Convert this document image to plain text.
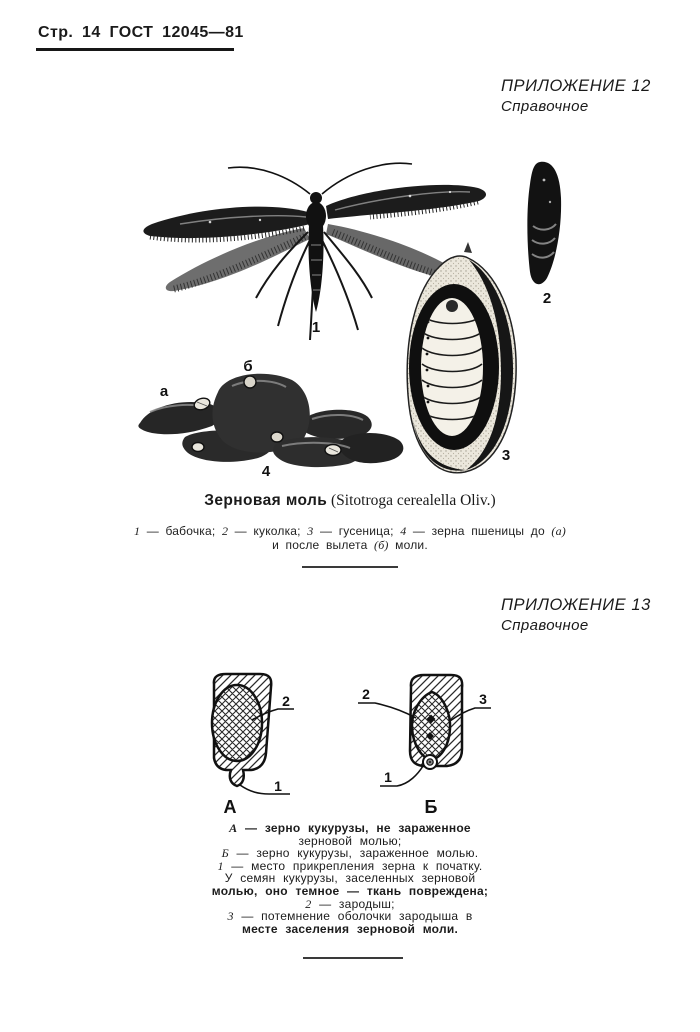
Стр. 14 ГОСТ 12045—81
ПРИЛОЖЕНИЕ 12
Справочное
1
2
3
а
б
4
Зерновая моль (Sitotroga cerealella Oliv.)
1 — бабочка; 2 — куколка; 3 — гусеница; 4 — зерна пшеницы до (а)
и после вылета (б) моли.
ПРИЛОЖЕНИЕ 13
Справочное
2
1
А
2	3
1
Б
А — зерно кукурузы, не зараженное
зерновой молью;
Б — зерно кукурузы, зараженное молью.
1 — место прикрепления зерна к початку.
У семян кукурузы, заселенных зерновой
молью, оно темное — ткань повреждена;
2 — зародыш;
3 — потемнение оболочки зародыша в
месте заселения зерновой моли.
